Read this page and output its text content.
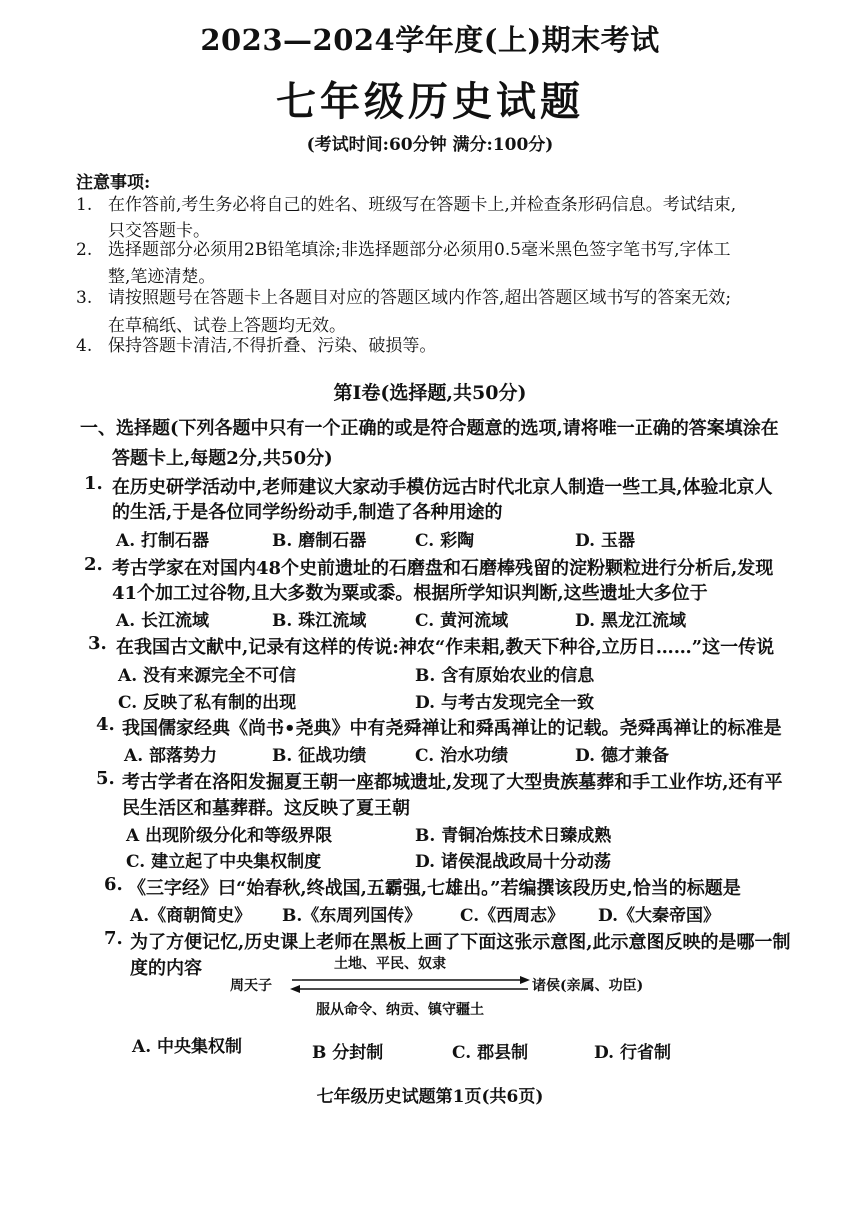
2023—2024学年度(上)期末考试
七年级历史试题
(考试时间:60分钟 满分:100分)
注意事项:
1. 在作答前,考生务必将自己的姓名、班级写在答题卡上,并检查条形码信息。考试结束,
只交答题卡。
2. 选择题部分必须用2B铅笔填涂;非选择题部分必须用0.5毫米黑色签字笔书写,字体工
整,笔迹清楚。
3. 请按照题号在答题卡上各题目对应的答题区域内作答,超出答题区域书写的答案无效;
在草稿纸、试卷上答题均无效。
4. 保持答题卡清洁,不得折叠、污染、破损等。
第Ⅰ卷(选择题,共50分)
一、选择题(下列各题中只有一个正确的或是符合题意的选项,请将唯一正确的答案填涂在
答题卡上,每题2分,共50分)
1. 在历史研学活动中,老师建议大家动手模仿远古时代北京人制造一些工具,体验北京人
的生活,于是各位同学纷纷动手,制造了各种用途的
A. 打制石器	B. 磨制石器	C. 彩陶	D. 玉器
2. 考古学家在对国内48个史前遗址的石磨盘和石磨棒残留的淀粉颗粒进行分析后,发现
41个加工过谷物,且大多数为粟或黍。根据所学知识判断,这些遗址大多位于
A. 长江流域	B. 珠江流域	C. 黄河流域	D. 黑龙江流域
3. 在我国古文献中,记录有这样的传说:神农“作耒耜,教天下种谷,立历日……”这一传说
A. 没有来源完全不可信	B. 含有原始农业的信息
C. 反映了私有制的出现	D. 与考古发现完全一致
4. 我国儒家经典《尚书•尧典》中有尧舜禅让和舜禹禅让的记载。尧舜禹禅让的标准是
A. 部落势力	B. 征战功绩	C. 治水功绩	D. 德才兼备
5. 考古学者在洛阳发掘夏王朝一座都城遗址,发现了大型贵族墓葬和手工业作坊,还有平
民生活区和墓葬群。这反映了夏王朝
A 出现阶级分化和等级界限	B. 青铜冶炼技术日臻成熟
C. 建立起了中央集权制度	D. 诸侯混战政局十分动荡
6. 《三字经》曰“始春秋,终战国,五霸强,七雄出。”若编撰该段历史,恰当的标题是
A.《商朝简史》 B.《东周列国传》 C.《西周志》 D.《大秦帝国》
7. 为了方便记忆,历史课上老师在黑板上画了下面这张示意图,此示意图反映的是哪一制
度的内容
周天子
土地、平民、奴隶
诸侯(亲属、功臣)
服从命令、纳贡、镇守疆土
A. 中央集权制	B 分封制	C. 郡县制	D. 行省制
七年级历史试题第1页(共6页)
